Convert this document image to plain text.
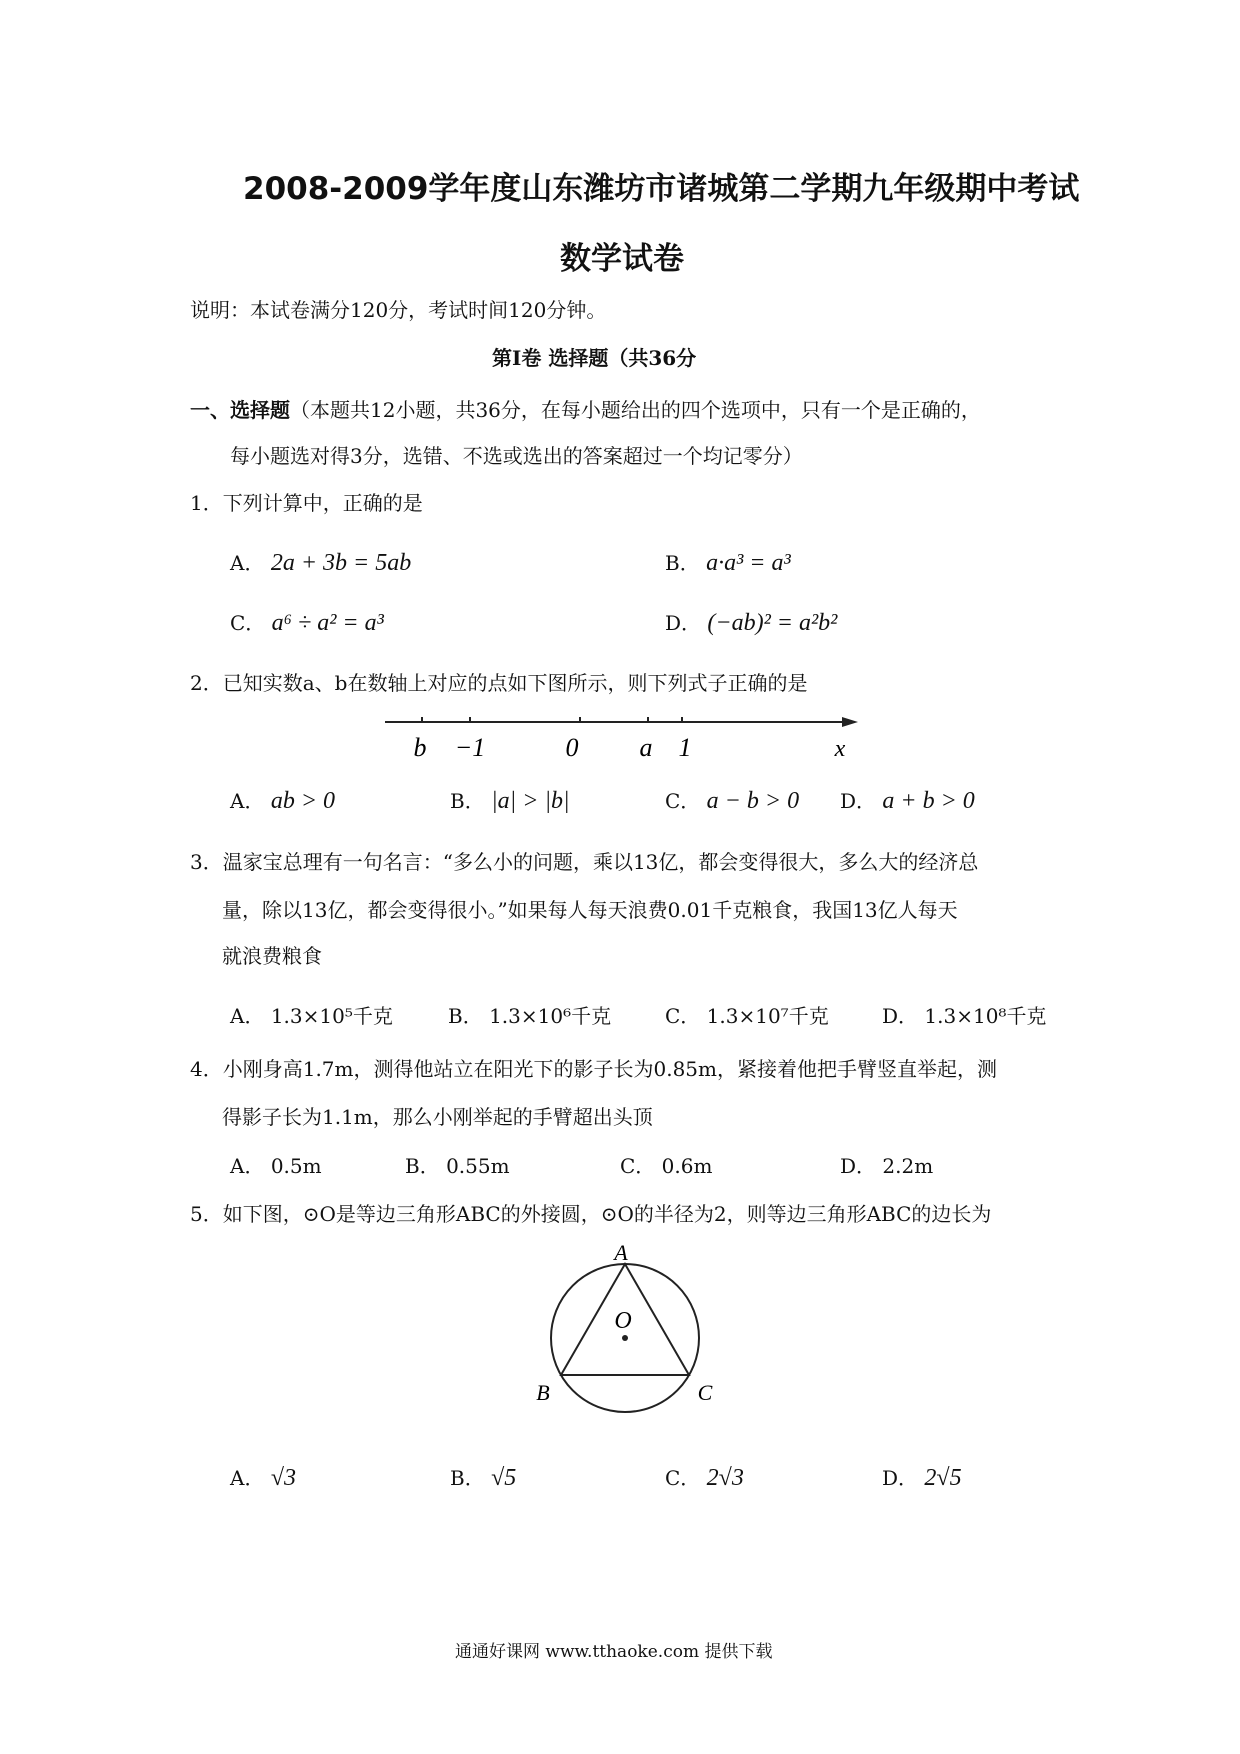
2008-2009学年度山东潍坊市诸城第二学期九年级期中考试
数学试卷
说明：本试卷满分120分，考试时间120分钟。
第Ⅰ卷 选择题（共36分
一、选择题（本题共12小题，共36分，在每小题给出的四个选项中，只有一个是正确的，
每小题选对得3分，选错、不选或选出的答案超过一个均记零分）
1．下列计算中，正确的是
A． 2a + 3b = 5ab	B． a·a³ = a³
C． a⁶ ÷ a² = a³	D． (−ab)² = a²b²
2．已知实数a、b在数轴上对应的点如下图所示，则下列式子正确的是
b −1	0 a 1	x
A． ab > 0	B． |a| > |b|	C． a − b > 0 D． a + b > 0
3．温家宝总理有一句名言：“多么小的问题，乘以13亿，都会变得很大，多么大的经济总
量，除以13亿，都会变得很小。”如果每人每天浪费0.01千克粮食，我国13亿人每天
就浪费粮食
A． 1.3×10⁵千克	B． 1.3×10⁶千克	C． 1.3×10⁷千克	D． 1.3×10⁸千克
4．小刚身高1.7m，测得他站立在阳光下的影子长为0.85m，紧接着他把手臂竖直举起，测
得影子长为1.1m，那么小刚举起的手臂超出头顶
A． 0.5m	B． 0.55m	C． 0.6m	D． 2.2m
5．如下图，⊙O是等边三角形ABC的外接圆，⊙O的半径为2，则等边三角形ABC的边长为
A
O
B	C
A． √3	B． √5	C． 2√3	D． 2√5
通通好课网 www.tthaoke.com 提供下载
